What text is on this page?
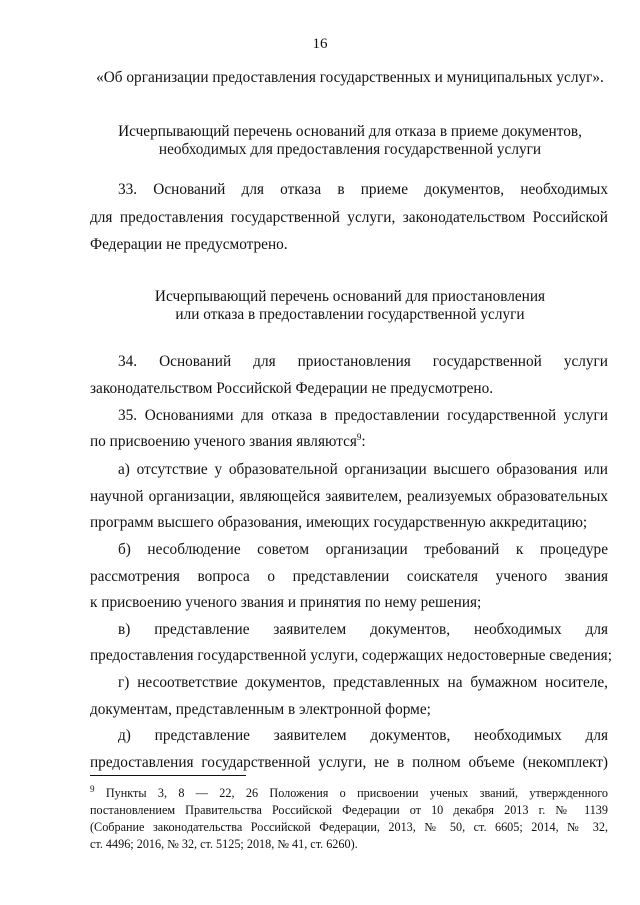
16
«Об организации предоставления государственных и муниципальных услуг».
Исчерпывающий перечень оснований для отказа в приеме документов,
необходимых для предоставления государственной услуги
33. Оснований для отказа в приеме документов, необходимых
для предоставления государственной услуги, законодательством Российской
Федерации не предусмотрено.
Исчерпывающий перечень оснований для приостановления
или отказа в предоставлении государственной услуги
34. Оснований для приостановления государственной услуги
законодательством Российской Федерации не предусмотрено.
35. Основаниями для отказа в предоставлении государственной услуги
по присвоению ученого звания являются$^9$:
а) отсутствие у образовательной организации высшего образования или
научной организации, являющейся заявителем, реализуемых образовательных
программ высшего образования, имеющих государственную аккредитацию;
б) несоблюдение советом организации требований к процедуре
рассмотрения вопроса о представлении соискателя ученого звания
к присвоению ученого звания и принятия по нему решения;
в) представление заявителем документов, необходимых для
предоставления государственной услуги, содержащих недостоверные сведения;
г) несоответствие документов, представленных на бумажном носителе,
документам, представленным в электронной форме;
д) представление заявителем документов, необходимых для
предоставления государственной услуги, не в полном объеме (некомплект)
$^9$ Пункты 3, 8 — 22, 26 Положения о присвоении ученых званий, утвержденного
постановлением Правительства Российской Федерации от 10 декабря 2013 г. № 1139
(Собрание законодательства Российской Федерации, 2013, № 50, ст. 6605; 2014, № 32,
ст. 4496; 2016, № 32, ст. 5125; 2018, № 41, ст. 6260).
